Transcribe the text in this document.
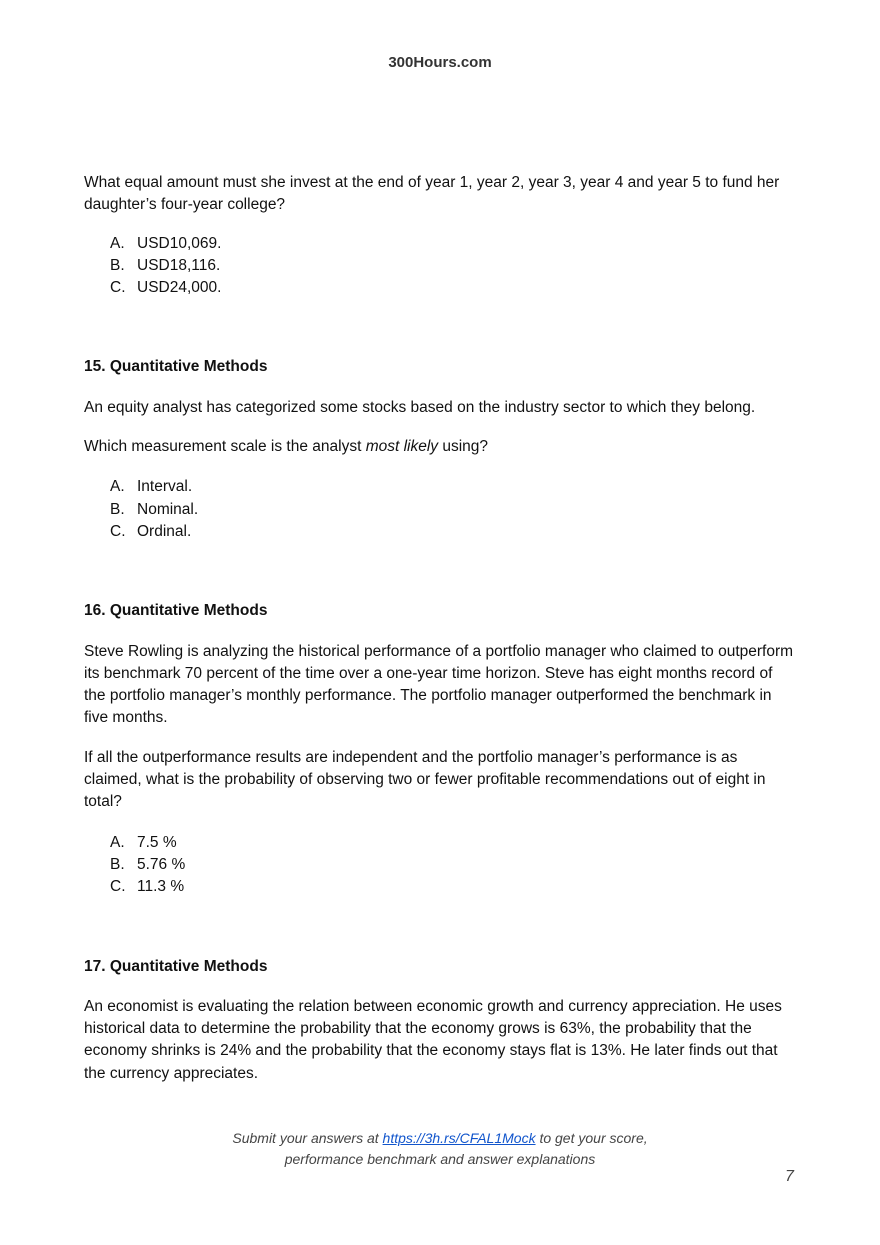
300Hours.com

What equal amount must she invest at the end of year 1, year 2, year 3, year 4 and year 5 to fund her daughter’s four-year college?

A. USD10,069.
B. USD18,116.
C. USD24,000.

15. Quantitative Methods

An equity analyst has categorized some stocks based on the industry sector to which they belong.

Which measurement scale is the analyst most likely using?

A. Interval.
B. Nominal.
C. Ordinal.

16. Quantitative Methods

Steve Rowling is analyzing the historical performance of a portfolio manager who claimed to outperform its benchmark 70 percent of the time over a one-year time horizon. Steve has eight months record of the portfolio manager’s monthly performance. The portfolio manager outperformed the benchmark in five months.

If all the outperformance results are independent and the portfolio manager’s performance is as claimed, what is the probability of observing two or fewer profitable recommendations out of eight in total?

A. 7.5 %
B. 5.76 %
C. 11.3 %

17. Quantitative Methods

An economist is evaluating the relation between economic growth and currency appreciation. He uses historical data to determine the probability that the economy grows is 63%, the probability that the economy shrinks is 24% and the probability that the economy stays flat is 13%. He later finds out that the currency appreciates.

Submit your answers at https://3h.rs/CFAL1Mock to get your score,
performance benchmark and answer explanations
7
